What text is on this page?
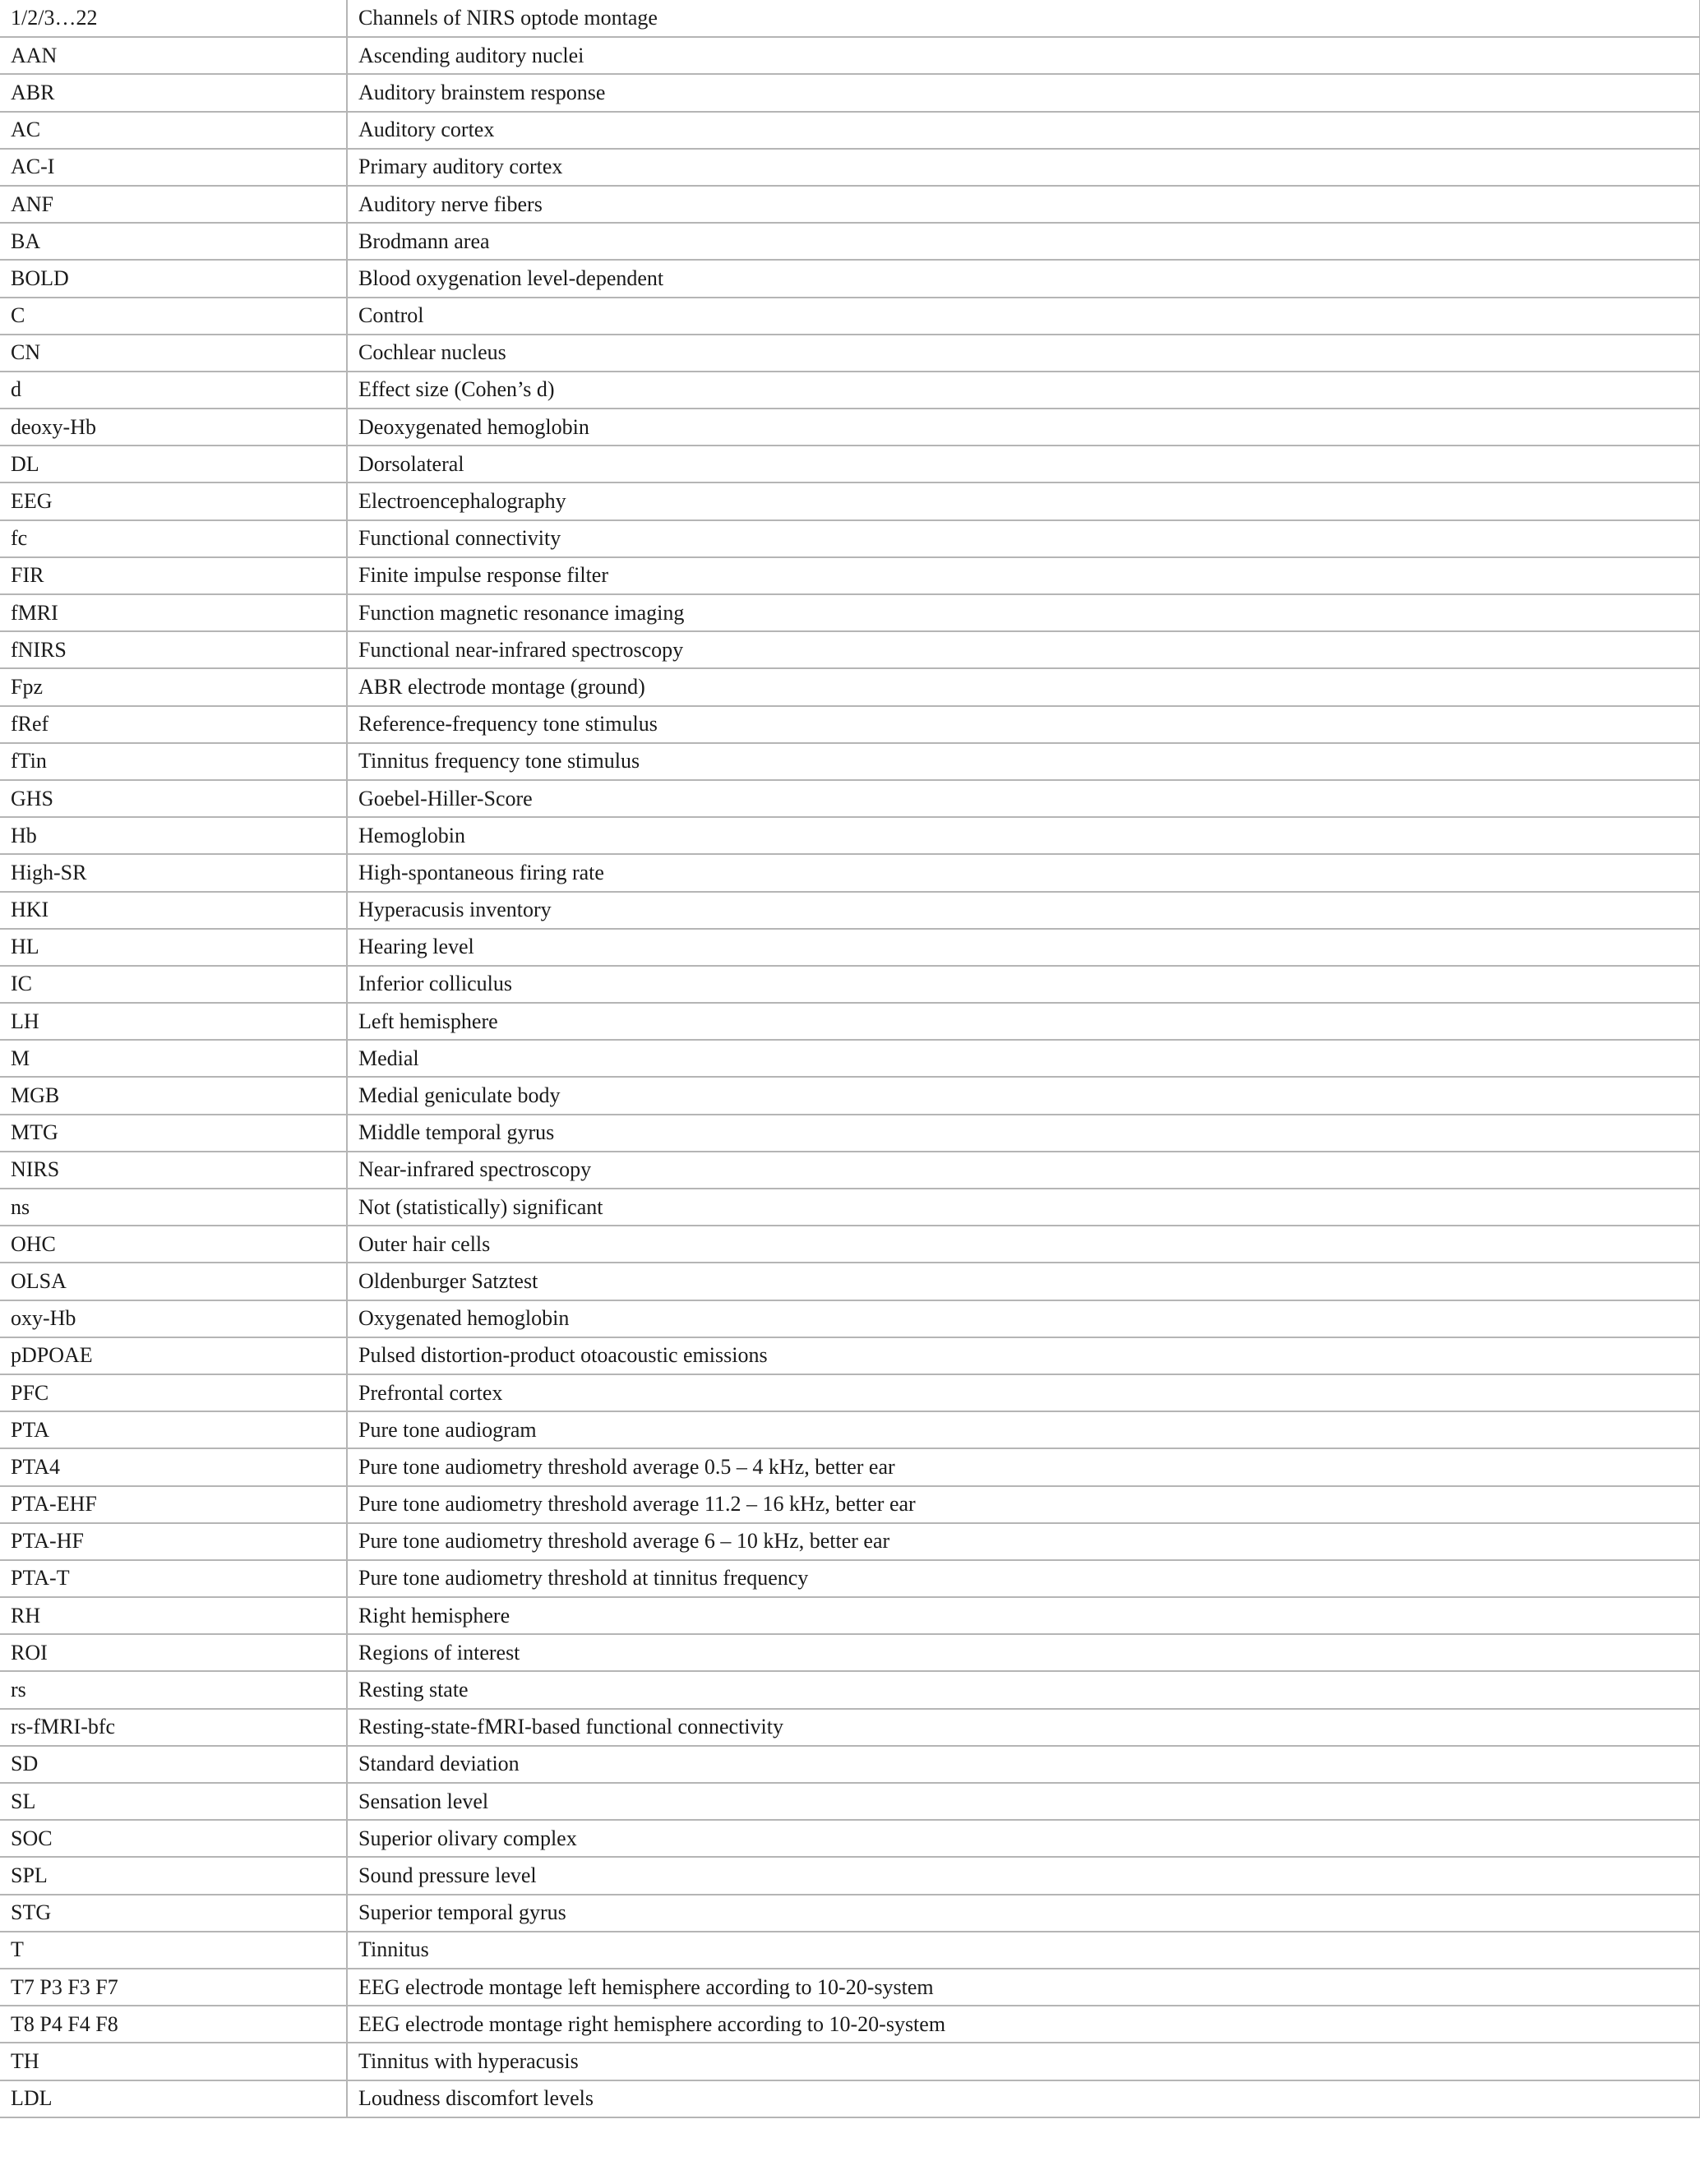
1/2/3…22	Channels of NIRS optode montage
AAN	Ascending auditory nuclei
ABR	Auditory brainstem response
AC	Auditory cortex
AC-I	Primary auditory cortex
ANF	Auditory nerve fibers
BA	Brodmann area
BOLD	Blood oxygenation level-dependent
C	Control
CN	Cochlear nucleus
d	Effect size (Cohen’s d)
deoxy-Hb	Deoxygenated hemoglobin
DL	Dorsolateral
EEG	Electroencephalography
fc	Functional connectivity
FIR	Finite impulse response filter
fMRI	Function magnetic resonance imaging
fNIRS	Functional near-infrared spectroscopy
Fpz	ABR electrode montage (ground)
fRef	Reference-frequency tone stimulus
fTin	Tinnitus frequency tone stimulus
GHS	Goebel-Hiller-Score
Hb	Hemoglobin
High-SR	High-spontaneous firing rate
HKI	Hyperacusis inventory
HL	Hearing level
IC	Inferior colliculus
LH	Left hemisphere
M	Medial
MGB	Medial geniculate body
MTG	Middle temporal gyrus
NIRS	Near-infrared spectroscopy
ns	Not (statistically) significant
OHC	Outer hair cells
OLSA	Oldenburger Satztest
oxy-Hb	Oxygenated hemoglobin
pDPOAE	Pulsed distortion-product otoacoustic emissions
PFC	Prefrontal cortex
PTA	Pure tone audiogram
PTA4	Pure tone audiometry threshold average 0.5 – 4 kHz, better ear
PTA-EHF	Pure tone audiometry threshold average 11.2 – 16 kHz, better ear
PTA-HF	Pure tone audiometry threshold average 6 – 10 kHz, better ear
PTA-T	Pure tone audiometry threshold at tinnitus frequency
RH	Right hemisphere
ROI	Regions of interest
rs	Resting state
rs-fMRI-bfc	Resting-state-fMRI-based functional connectivity
SD	Standard deviation
SL	Sensation level
SOC	Superior olivary complex
SPL	Sound pressure level
STG	Superior temporal gyrus
T	Tinnitus
T7 P3 F3 F7	EEG electrode montage left hemisphere according to 10-20-system
T8 P4 F4 F8	EEG electrode montage right hemisphere according to 10-20-system
TH	Tinnitus with hyperacusis
LDL	Loudness discomfort levels
